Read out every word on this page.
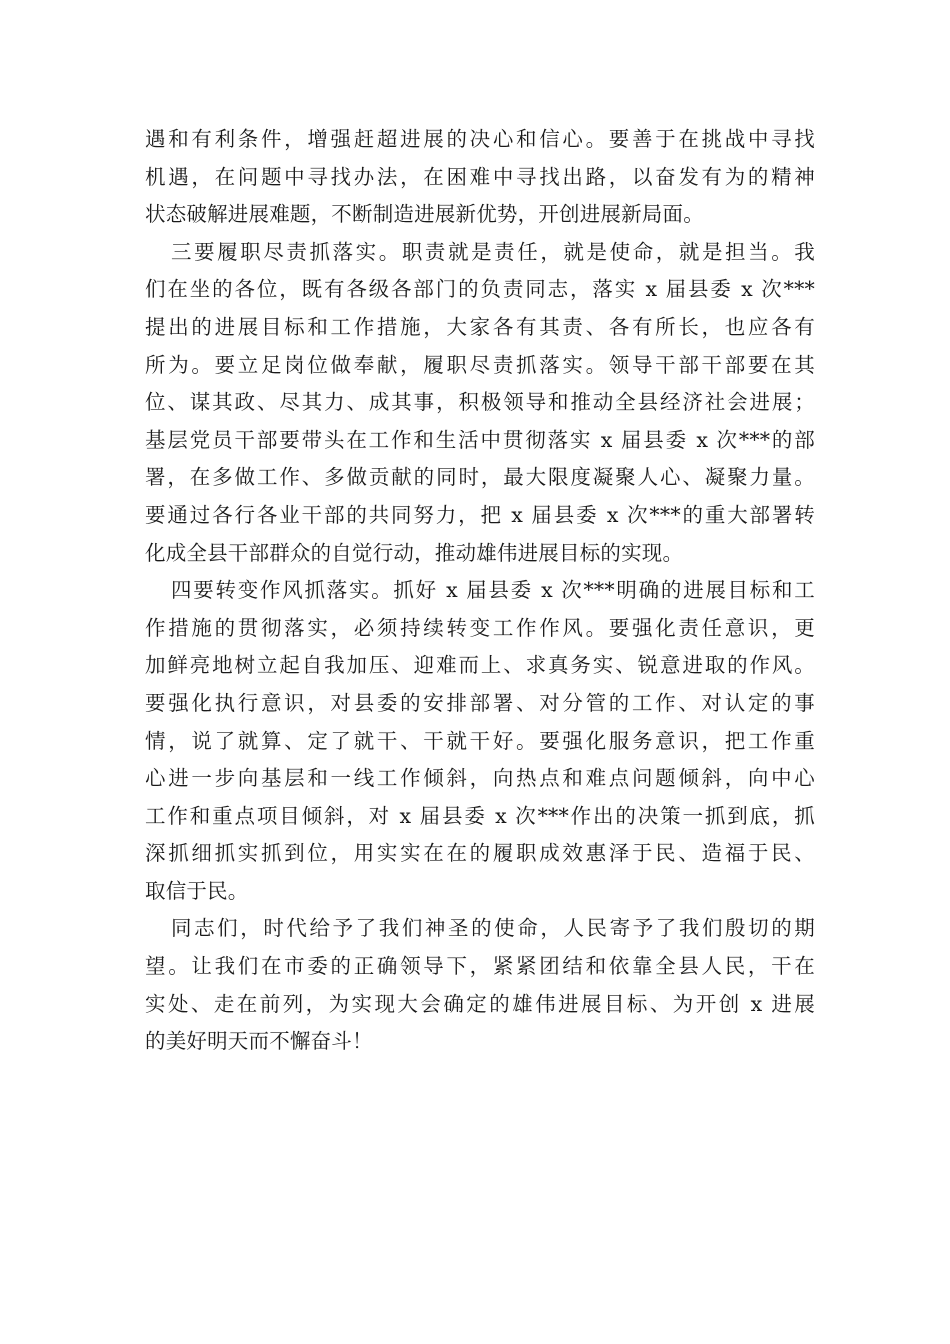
遇和有利条件，增强赶超进展的决心和信心。要善于在挑战中寻找
机遇，在问题中寻找办法，在困难中寻找出路，以奋发有为的精神
状态破解进展难题，不断制造进展新优势，开创进展新局面。
三要履职尽责抓落实。职责就是责任，就是使命，就是担当。我
们在坐的各位，既有各级各部门的负责同志，落实 x 届县委 x 次***
提出的进展目标和工作措施，大家各有其责、各有所长，也应各有
所为。要立足岗位做奉献，履职尽责抓落实。领导干部干部要在其
位、谋其政、尽其力、成其事，积极领导和推动全县经济社会进展；
基层党员干部要带头在工作和生活中贯彻落实 x 届县委 x 次***的部
署，在多做工作、多做贡献的同时，最大限度凝聚人心、凝聚力量。
要通过各行各业干部的共同努力，把 x 届县委 x 次***的重大部署转
化成全县干部群众的自觉行动，推动雄伟进展目标的实现。
四要转变作风抓落实。抓好 x 届县委 x 次***明确的进展目标和工
作措施的贯彻落实，必须持续转变工作作风。要强化责任意识，更
加鲜亮地树立起自我加压、迎难而上、求真务实、锐意进取的作风。
要强化执行意识，对县委的安排部署、对分管的工作、对认定的事
情，说了就算、定了就干、干就干好。要强化服务意识，把工作重
心进一步向基层和一线工作倾斜，向热点和难点问题倾斜，向中心
工作和重点项目倾斜，对 x 届县委 x 次***作出的决策一抓到底，抓
深抓细抓实抓到位，用实实在在的履职成效惠泽于民、造福于民、
取信于民。
同志们，时代给予了我们神圣的使命，人民寄予了我们殷切的期
望。让我们在市委的正确领导下，紧紧团结和依靠全县人民，干在
实处、走在前列，为实现大会确定的雄伟进展目标、为开创 x 进展
的美好明天而不懈奋斗！
